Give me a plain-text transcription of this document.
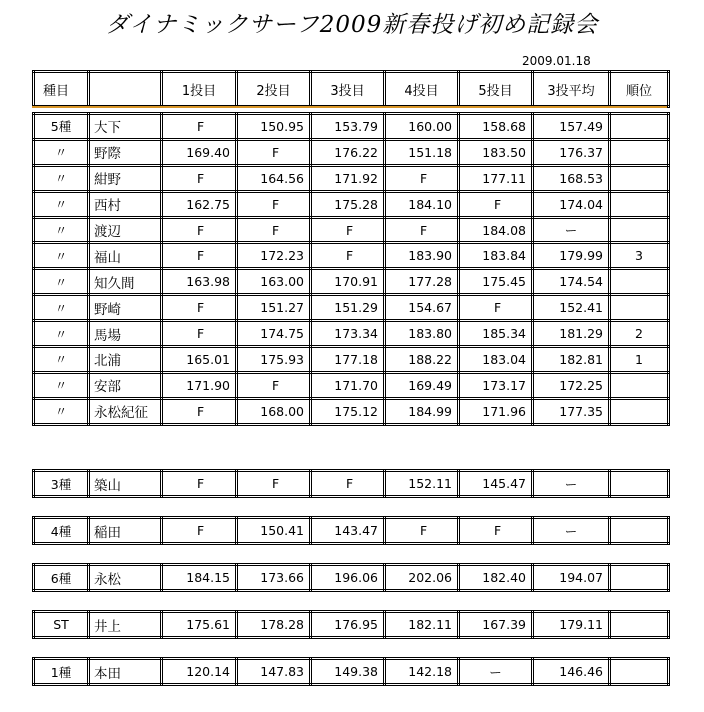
ダイナミックサーフ2009新春投げ初め記録会
2009.01.18
種目		1投目	2投目	3投目	4投目	5投目	3投平均	順位
5種	大下	F	150.95	153.79	160.00	158.68	157.49	
〃	野際	169.40	F	176.22	151.18	183.50	176.37	
〃	紺野	F	164.56	171.92	F	177.11	168.53	
〃	西村	162.75	F	175.28	184.10	F	174.04	
〃	渡辺	F	F	F	F	184.08	ー	
〃	福山	F	172.23	F	183.90	183.84	179.99	3
〃	知久間	163.98	163.00	170.91	177.28	175.45	174.54	
〃	野崎	F	151.27	151.29	154.67	F	152.41	
〃	馬場	F	174.75	173.34	183.80	185.34	181.29	2
〃	北浦	165.01	175.93	177.18	188.22	183.04	182.81	1
〃	安部	171.90	F	171.70	169.49	173.17	172.25	
〃	永松紀征	F	168.00	175.12	184.99	171.96	177.35	
3種	築山	F	F	F	152.11	145.47	ー	
4種	稲田	F	150.41	143.47	F	F	ー	
6種	永松	184.15	173.66	196.06	202.06	182.40	194.07	
ST	井上	175.61	178.28	176.95	182.11	167.39	179.11	
1種	本田	120.14	147.83	149.38	142.18	ー	146.46	
